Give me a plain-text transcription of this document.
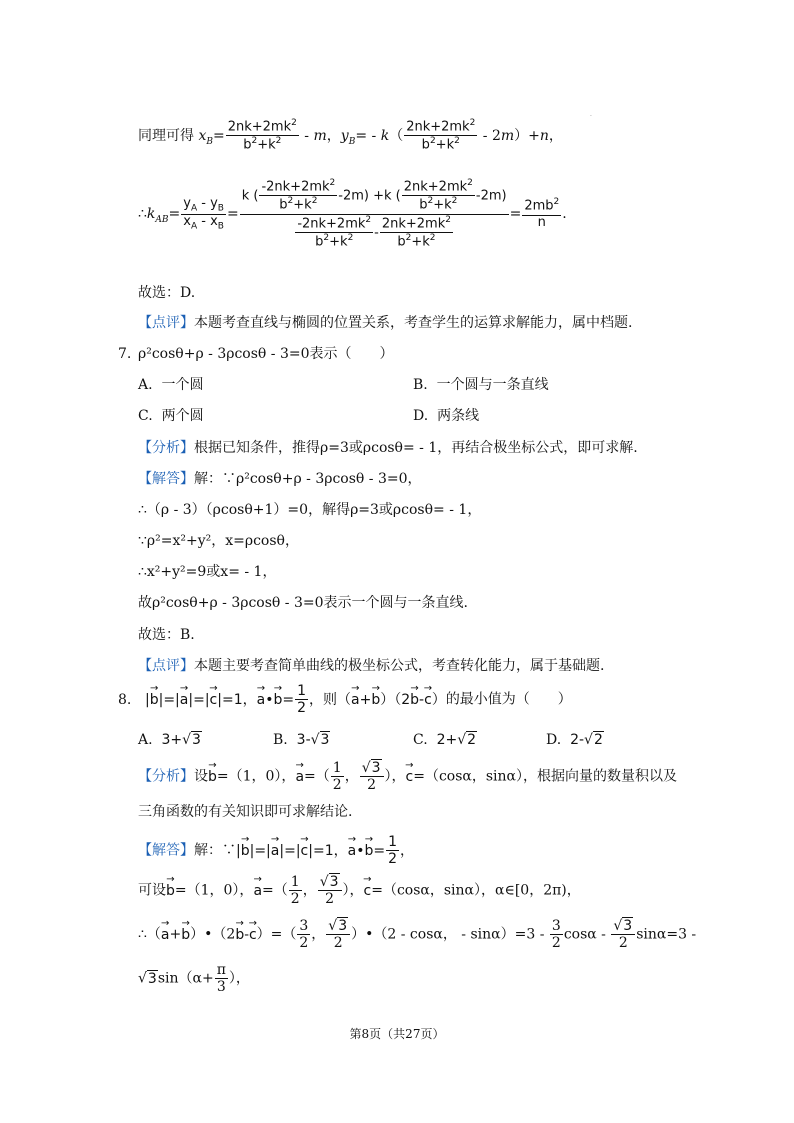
·
同理可得 $x_B= \frac{2nk+2mk^2}{b^2+k^2} - m$，$y_B= - k( \frac{2nk+2mk^2}{b^2+k^2} - 2m)+n$，
$\therefore k_{AB}= \frac{y_A - y_B}{x_A - x_B} = \frac{k ( \frac{-2nk+2mk^2}{b^2+k^2} -2m) +k ( \frac{2nk+2mk^2}{b^2+k^2} -2m)}{\frac{-2nk+2mk^2}{b^2+k^2} - \frac{2nk+2mk^2}{b^2+k^2}} = \frac{2mb^2}{n}$ .
故选：D.
【点评】本题考查直线与椭圆的位置关系，考查学生的运算求解能力，属中档题.
7. ρ²cosθ+ρ - 3ρcosθ - 3=0表示（　　）
A. 一个圆	B. 一个圆与一条直线
C. 两个圆	D. 两条线
【分析】根据已知条件，推得ρ=3或ρcosθ= - 1，再结合极坐标公式，即可求解.
【解答】解：∵ρ²cosθ+ρ - 3ρcosθ - 3=0，
∴（ρ - 3）（ρcosθ+1）=0，解得ρ=3或ρcosθ= - 1，
∵ρ²=x²+y²，x=ρcosθ，
∴x²+y²=9或x= - 1，
故ρ²cosθ+ρ - 3ρcosθ - 3=0表示一个圆与一条直线.
故选：B.
【点评】本题主要考查简单曲线的极坐标公式，考查转化能力，属于基础题.
8. |→ b|=|→ a|=|→ c|=1，→ a•→ $b= \frac{1}{2}$ ，则（→ a+→ b）（2→ b-→ c）的最小值为（　　）
A. 3+√3	B. 3-√3	C. 2+√2	D. 2-√2
【分析】设→ b=（1，0），→ $a=( \frac{1}{2}$ ， $\frac{√3}{2}$ ），→ c=（cosα，sinα），根据向量的数量积以及
三角函数的有关知识即可求解结论.
【解答】解：∵|→ b|=|→ a|=|→ c|=1，→ a•→ $b= \frac{1}{2}$ ，
可设→ b=（1，0），→ $a=( \frac{1}{2}$ ， $\frac{√3}{2}$ ），→ c=（cosα，sinα），α∈[0，2π)，
∴（→ a+→ b）•（2→ $b-\to c)=( \frac{3}{2}$ ， $\frac{√3}{2}$ ）•（2 - cosα， - $\sin\alpha)=3 - \frac{3}{2}$ $\cos\alpha - \frac{√3}{2} \sin\alpha=3$ -
$√3\sin(\alpha+ \frac{\pi}{3}$ ），
第8页（共27页）
